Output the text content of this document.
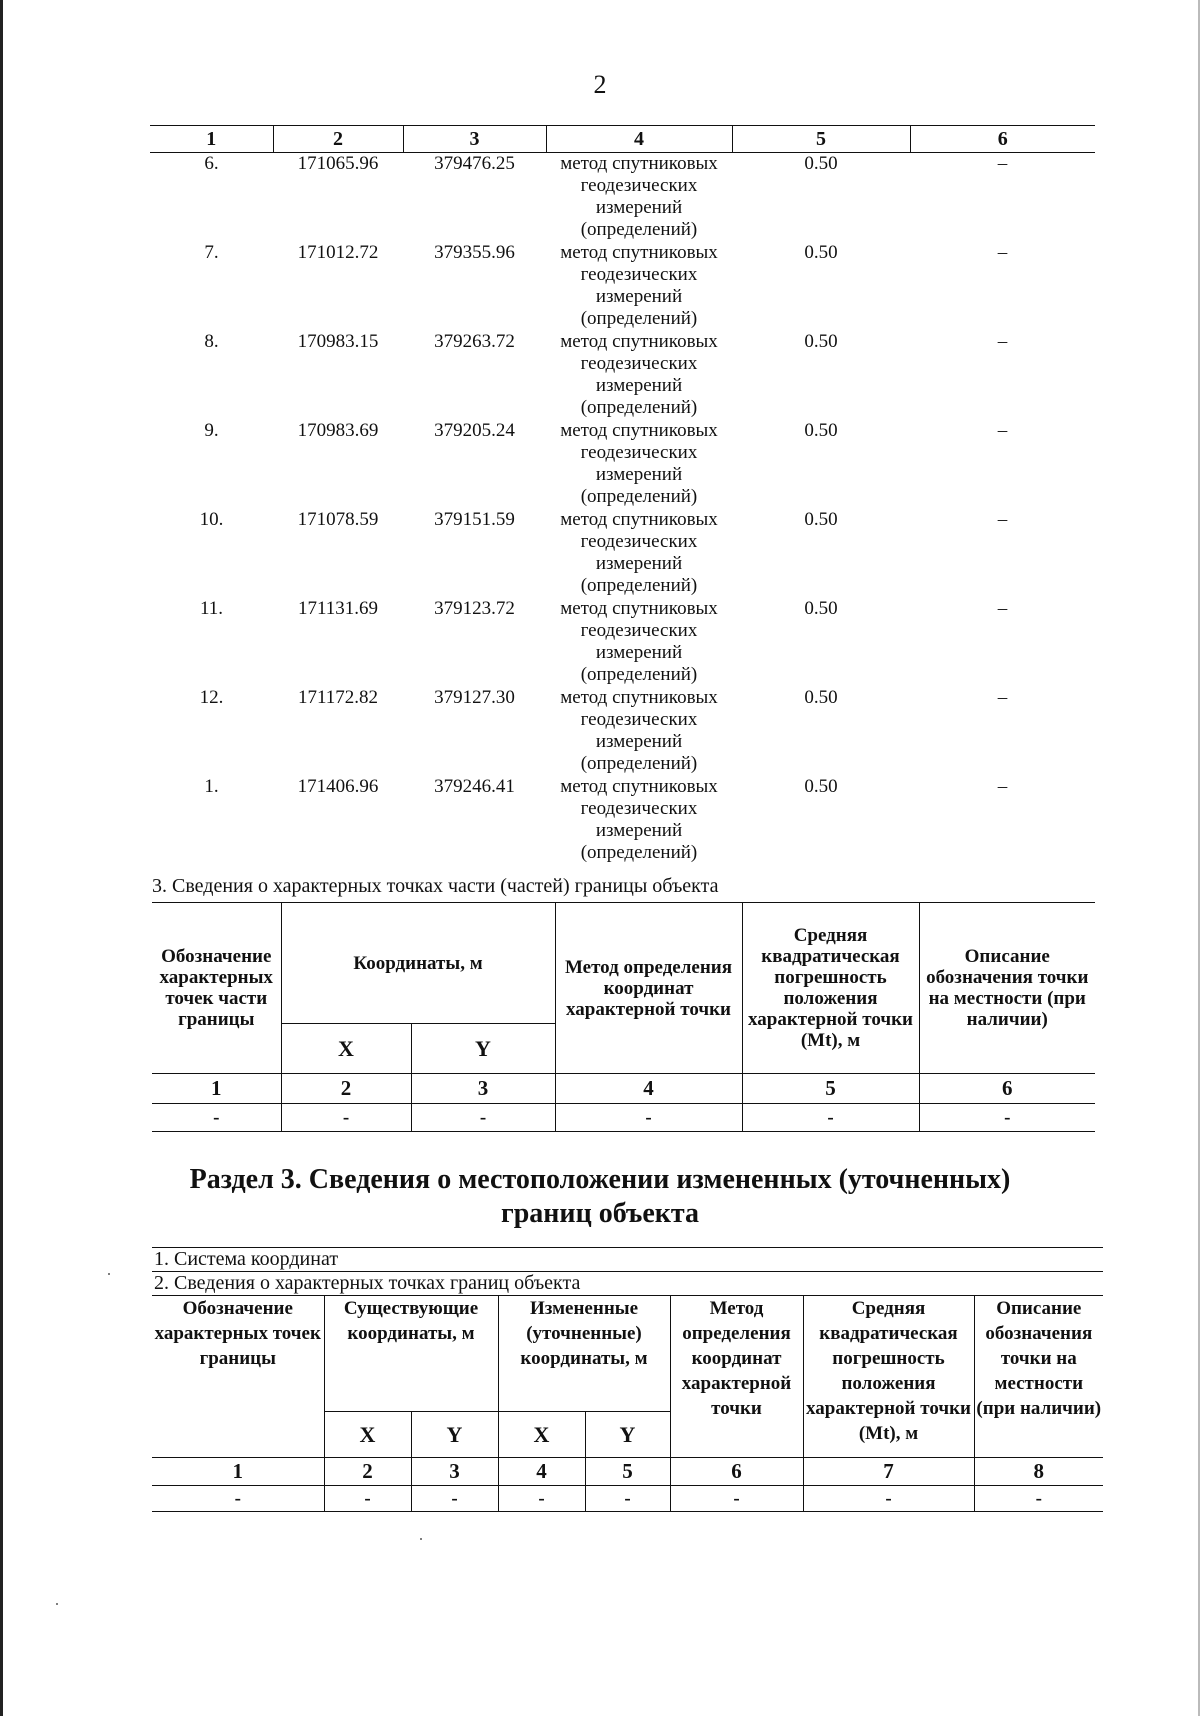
2
1	2	3	4	5	6
6.	171065.96	379476.25	метод спутниковых геодезических измерений (определений)	0.50	–
7.	171012.72	379355.96	метод спутниковых геодезических измерений (определений)	0.50	–
8.	170983.15	379263.72	метод спутниковых геодезических измерений (определений)	0.50	–
9.	170983.69	379205.24	метод спутниковых геодезических измерений (определений)	0.50	–
10.	171078.59	379151.59	метод спутниковых геодезических измерений (определений)	0.50	–
11.	171131.69	379123.72	метод спутниковых геодезических измерений (определений)	0.50	–
12.	171172.82	379127.30	метод спутниковых геодезических измерений (определений)	0.50	–
1.	171406.96	379246.41	метод спутниковых геодезических измерений (определений)	0.50	–
3. Сведения о характерных точках части (частей) границы объекта
Обозначение характерных точек части границы	Координаты, м		Метод определения координат характерной точки	Средняя квадратическая погрешность положения характерной точки (Mt), м	Описание обозначения точки на местности (при наличии)
	X	Y			
1	2	3	4	5	6
-	-	-	-	-	-
Раздел 3. Сведения о местоположении измененных (уточненных)
границ объекта
1. Система координат							
2. Сведения о характерных точках границ объекта							
Обозначение характерных точек границы	Существующие координаты, м		Измененные (уточненные) координаты, м		Метод определения координат характерной точки	Средняя квадратическая погрешность положения характерной точки (Mt), м	Описание обозначения точки на местности (при наличии)
	X	Y	X	Y			
1	2	3	4	5	6	7	8
-	-	-	-	-	-	-	-
